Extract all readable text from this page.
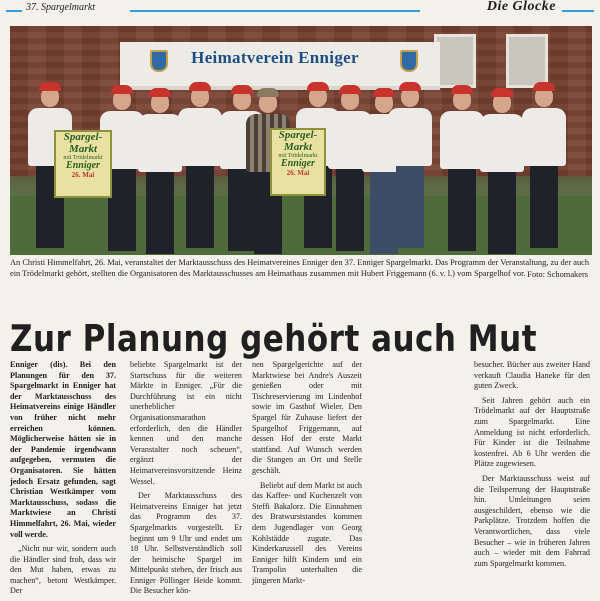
37. Spargelmarkt	Die Glocke
Heimatverein Enniger
Spargel-
Markt
mit Trödelmarkt
Enniger
26. Mai
Spargel-
Markt
mit Trödelmarkt
Enniger
26. Mai
An Christi Himmelfahrt, 26. Mai, veranstaltet der Marktausschuss des Heimatvereines Enniger den 37. Enniger Spargelmarkt. Das Programm der Veranstaltung, zu der auch ein Trödelmarkt gehört, stellten die Organisatoren des Marktausschusses am Heimathaus zusammen mit Hubert Friggemann (6. v. l.) vom Spargelhof vor. Foto: Schomakers
Zur Planung gehört auch Mut

Enniger (dis). Bei den Planungen für den 37. Spargelmarkt in Enniger hat der Marktausschuss des Heimatvereins einige Händler von früher nicht mehr erreichen können. Möglicherweise hätten sie in der Pandemie irgendwann aufgegeben, vermuten die Organisatoren. Sie hätten jedoch Ersatz gefunden, sagt Christian Westkämper vom Marktausschuss, sodass die Marktwiese an Christi Himmelfahrt, 26. Mai, wieder voll werde.

„Nicht nur wir, sondern auch die Händler sind froh, dass wir den Mut haben, etwas zu machen“, betont Westkämper. Der

beliebte Spargelmarkt ist der Startschuss für die weiteren Märkte in Enniger. „Für die Durchführung ist ein nicht unerheblicher Organisationsmarathon erforderlich, den die Händler kennen und den manche Veranstalter noch scheuen“, ergänzt der Heimatvereinsvorsitzende Heinz Wessel.

Der Marktausschuss des Heimatvereins Enniger hat jetzt das Programm des 37. Spargelmarkts vorgestellt. Er beginnt um 9 Uhr und endet um 18 Uhr. Selbstverständlich soll der heimische Spargel im Mittelpunkt stehen, der frisch aus Enniger Pöllinger Heide kommt. Die Besucher kön-

nen Spargelgerichte auf der Marktwiese bei Andre's Auszeit genießen oder mit Tischreservierung im Lindenhof sowie im Gasthof Wieler. Den Spargel für Zuhause liefert der Spargelhof Friggemann, auf dessen Hof der erste Markt stattfand. Auf Wunsch werden die Stangen an Ort und Stelle geschält.

Beliebt auf dem Markt ist auch das Kaffee- und Kuchenzelt von Steffi Bakalorz. Die Einnahmen des Bratwurststandes kommen dem Jugendlager von Georg Kohlstädde zugute. Das Kinderkarussell des Vereins Enniger hilft Kindern und ein Trampolin unterhalten die jüngeren Markt-

besucher. Bücher aus zweiter Hand verkauft Claudia Haneke für den guten Zweck.

Seit Jahren gehört auch ein Trödelmarkt auf der Hauptstraße zum Spargelmarkt. Eine Anmeldung ist nicht erforderlich. Für Kinder ist die Teilnahme kostenfrei. Ab 6 Uhr werden die Plätze zugewiesen.

Der Marktausschuss weist auf die Teilsperrung der Hauptstraße hin. Umleitungen seien ausgeschildert, ebenso wie die Parkplätze. Trotzdem hoffen die Verantwortlichen, dass viele Besucher – wie in früheren Jahren auch – wieder mit dem Fahrrad zum Spargelmarkt kommen.
